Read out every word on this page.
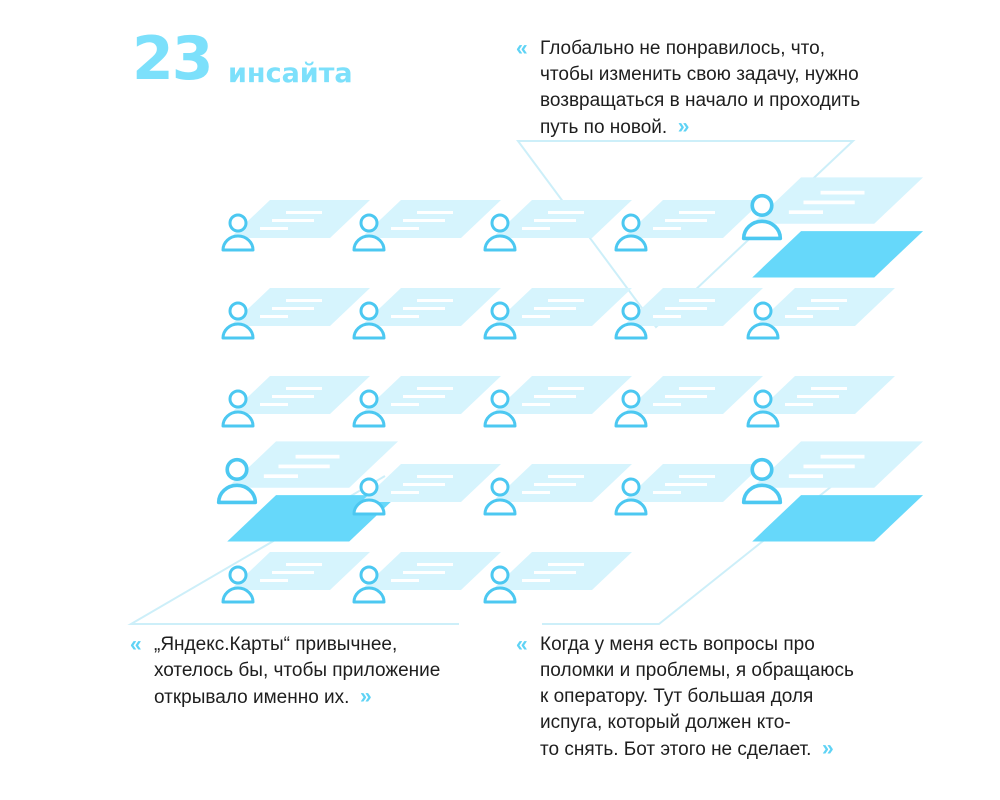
23 инсайта
« Глобально не понравилось, что,
чтобы изменить свою задачу, нужно
возвращаться в начало и проходить
путь по новой. »
« „Яндекс.Карты“ привычнее,
хотелось бы, чтобы приложение
открывало именно их. »
« Когда у меня есть вопросы про
поломки и проблемы, я обращаюсь
к оператору. Тут большая доля
испуга, который должен кто-
то снять. Бот этого не сделает. »
